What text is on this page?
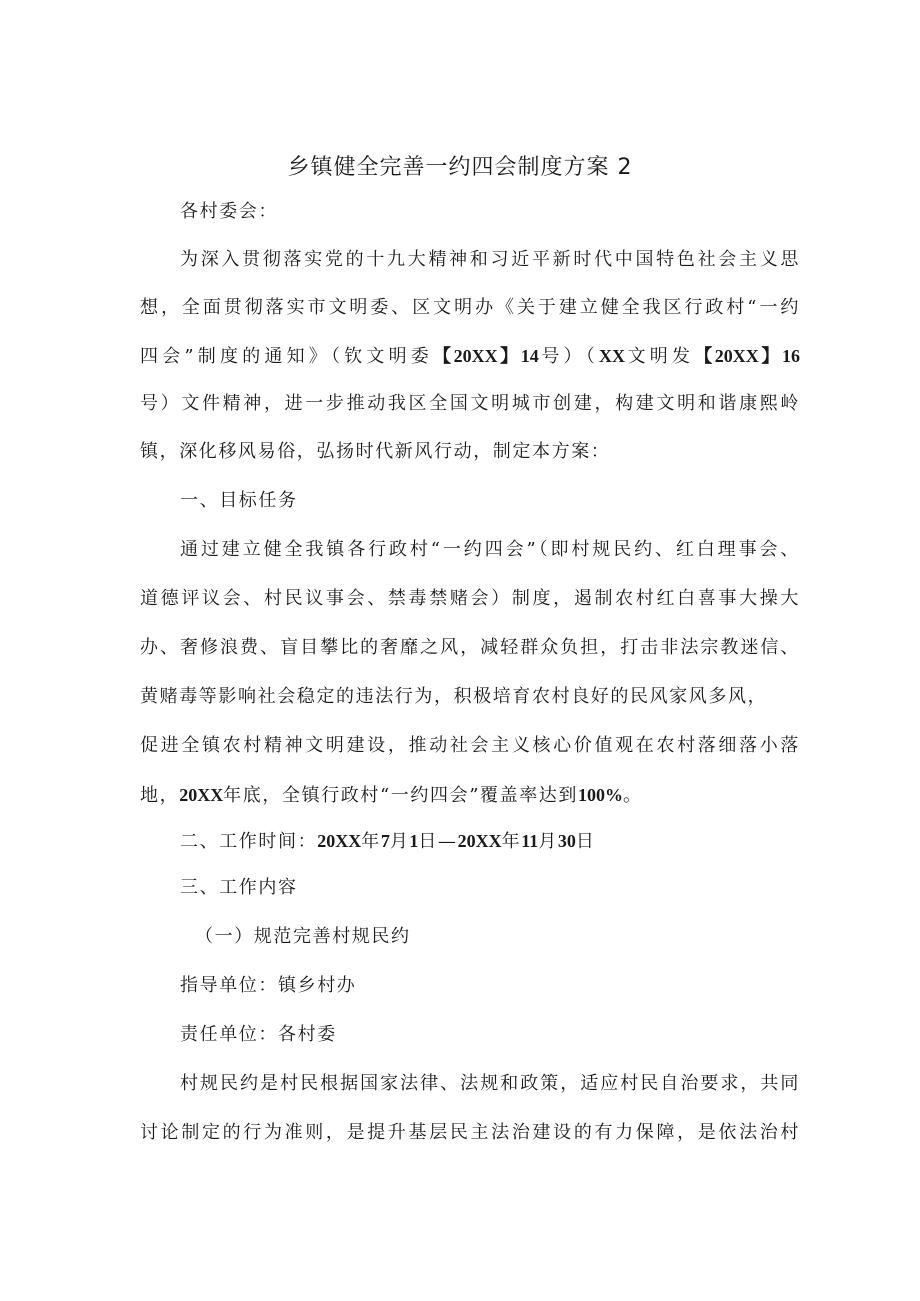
乡镇健全完善一约四会制度方案 2
各村委会：
为深入贯彻落实党的十九大精神和习近平新时代中国特色社会主义思
想，全面贯彻落实市文明委、区文明办《关于建立健全我区行政村“一约
四会”制度的通知》（钦文明委【20XX】14号）（XX文明发【20XX】16
号）文件精神，进一步推动我区全国文明城市创建，构建文明和谐康熙岭
镇，深化移风易俗，弘扬时代新风行动，制定本方案：
一、目标任务
通过建立健全我镇各行政村“一约四会”（即村规民约、红白理事会、
道德评议会、村民议事会、禁毒禁赌会）制度，遏制农村红白喜事大操大
办、奢修浪费、盲目攀比的奢靡之风，减轻群众负担，打击非法宗教迷信、
黄赌毒等影响社会稳定的违法行为，积极培育农村良好的民风家风多风，
促进全镇农村精神文明建设，推动社会主义核心价值观在农村落细落小落
地，20XX年底，全镇行政村“一约四会”覆盖率达到100%。
二、工作时间：20XX年7月1日—20XX年11月30日
三、工作内容
（一）规范完善村规民约
指导单位：镇乡村办
责任单位：各村委
村规民约是村民根据国家法律、法规和政策，适应村民自治要求，共同
讨论制定的行为准则，是提升基层民主法治建设的有力保障，是依法治村
